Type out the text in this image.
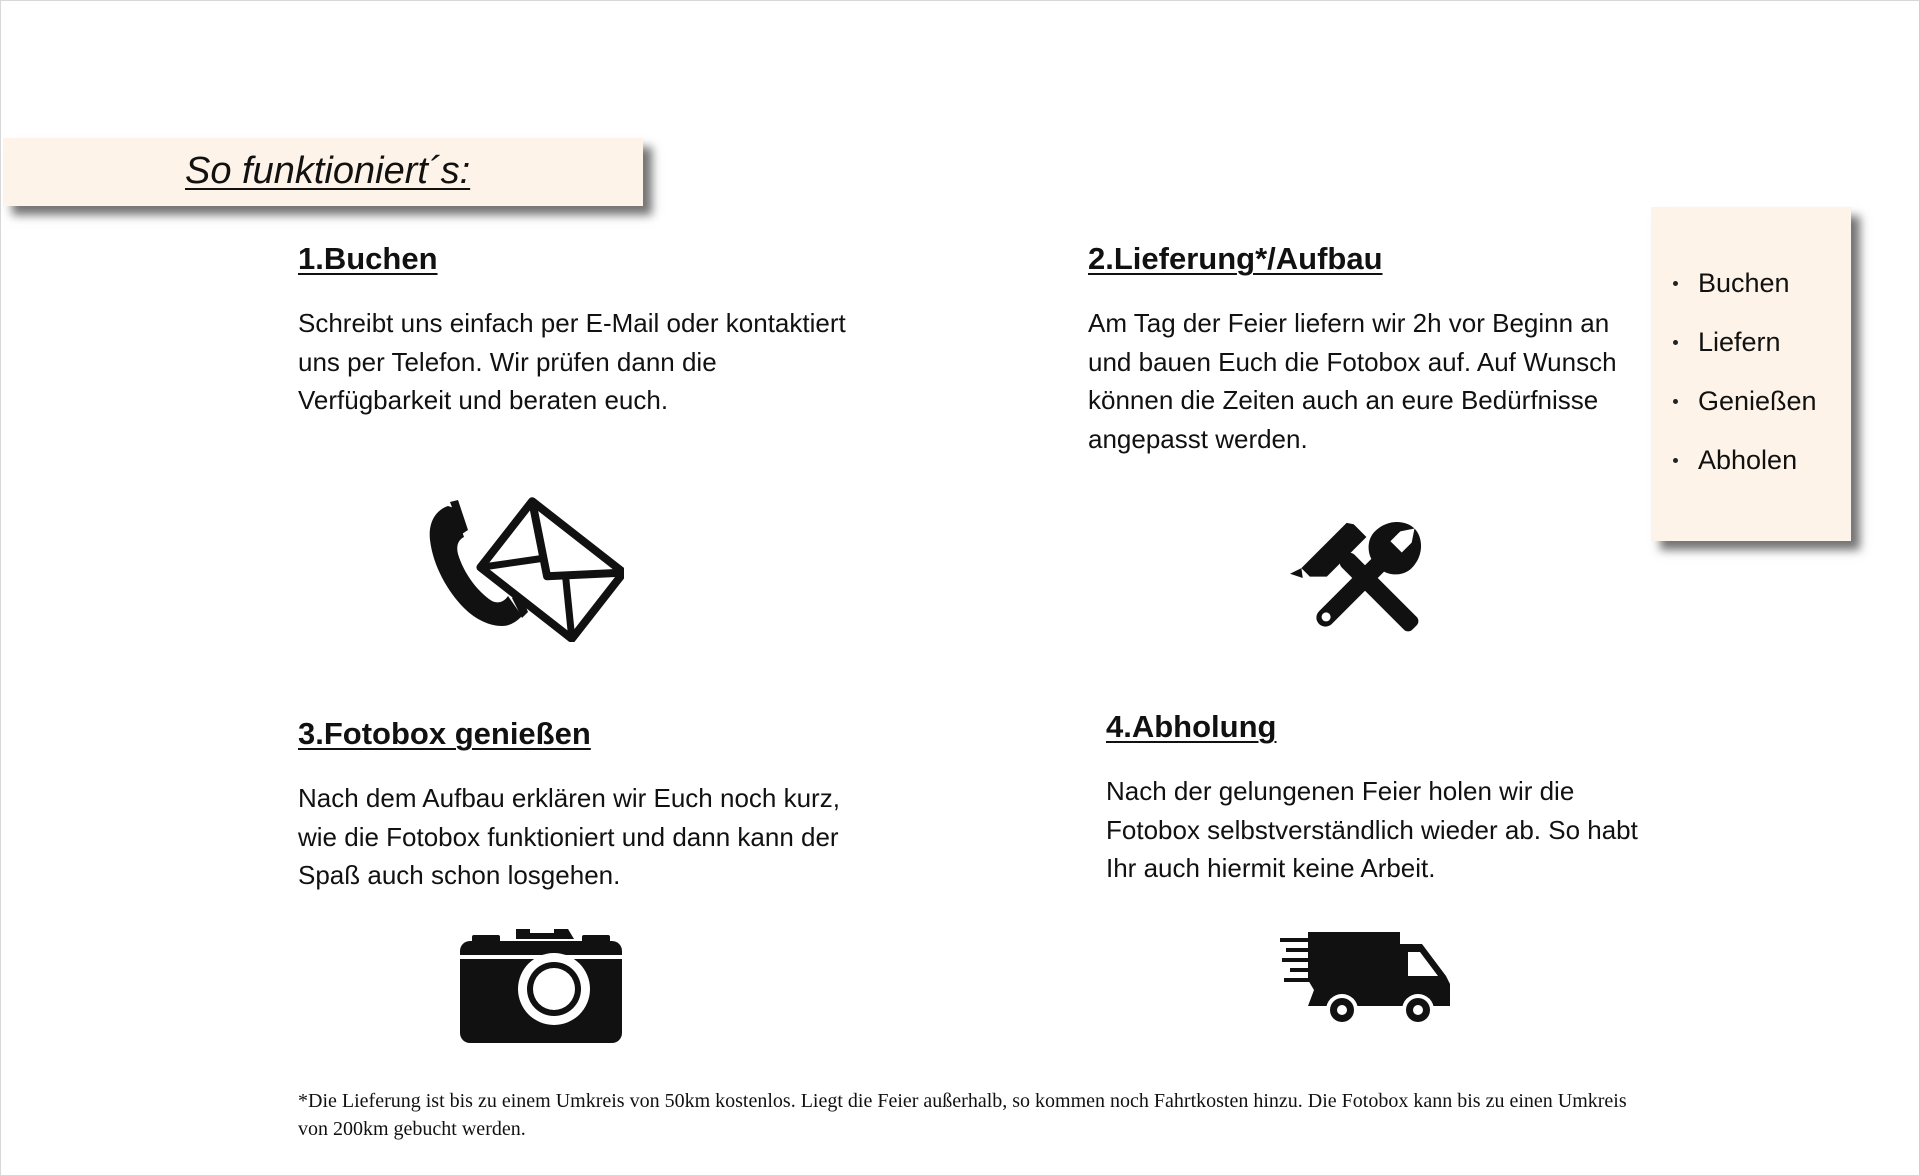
So funktioniert´s:
1.Buchen
Schreibt uns einfach per E-Mail oder kontaktiert uns per Telefon. Wir prüfen dann die Verfügbarkeit und beraten euch.
2.Lieferung*/Aufbau
Am Tag der Feier liefern wir 2h vor Beginn an und bauen Euch die Fotobox auf. Auf Wunsch können die Zeiten auch an eure Bedürfnisse angepasst werden.
3.Fotobox genießen
Nach dem Aufbau erklären wir Euch noch kurz, wie die Fotobox funktioniert und dann kann der Spaß auch schon losgehen.
4.Abholung
Nach der gelungenen Feier holen wir die Fotobox selbstverständlich wieder ab. So habt Ihr auch hiermit keine Arbeit.
Buchen
Liefern
Genießen
Abholen
*Die Lieferung ist bis zu einem Umkreis von 50km kostenlos. Liegt die Feier außerhalb, so kommen noch Fahrtkosten hinzu. Die Fotobox kann bis zu einen Umkreis von 200km gebucht werden.
